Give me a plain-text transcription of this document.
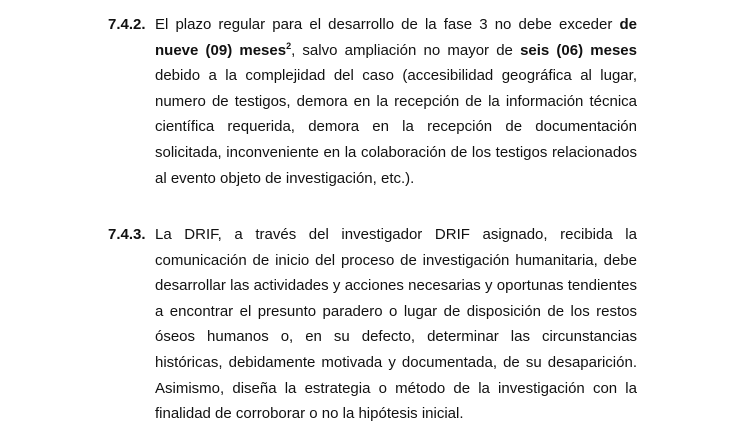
7.4.2. El plazo regular para el desarrollo de la fase 3 no debe exceder de nueve (09) meses$^2$, salvo ampliación no mayor de seis (06) meses debido a la complejidad del caso (accesibilidad geográfica al lugar, numero de testigos, demora en la recepción de la información técnica científica requerida, demora en la recepción de documentación solicitada, inconveniente en la colaboración de los testigos relacionados al evento objeto de investigación, etc.).

7.4.3. La DRIF, a través del investigador DRIF asignado, recibida la comunicación de inicio del proceso de investigación humanitaria, debe desarrollar las actividades y acciones necesarias y oportunas tendientes a encontrar el presunto paradero o lugar de disposición de los restos óseos humanos o, en su defecto, determinar las circunstancias históricas, debidamente motivada y documentada, de su desaparición. Asimismo, diseña la estrategia o método de la investigación con la finalidad de corroborar o no la hipótesis inicial.
